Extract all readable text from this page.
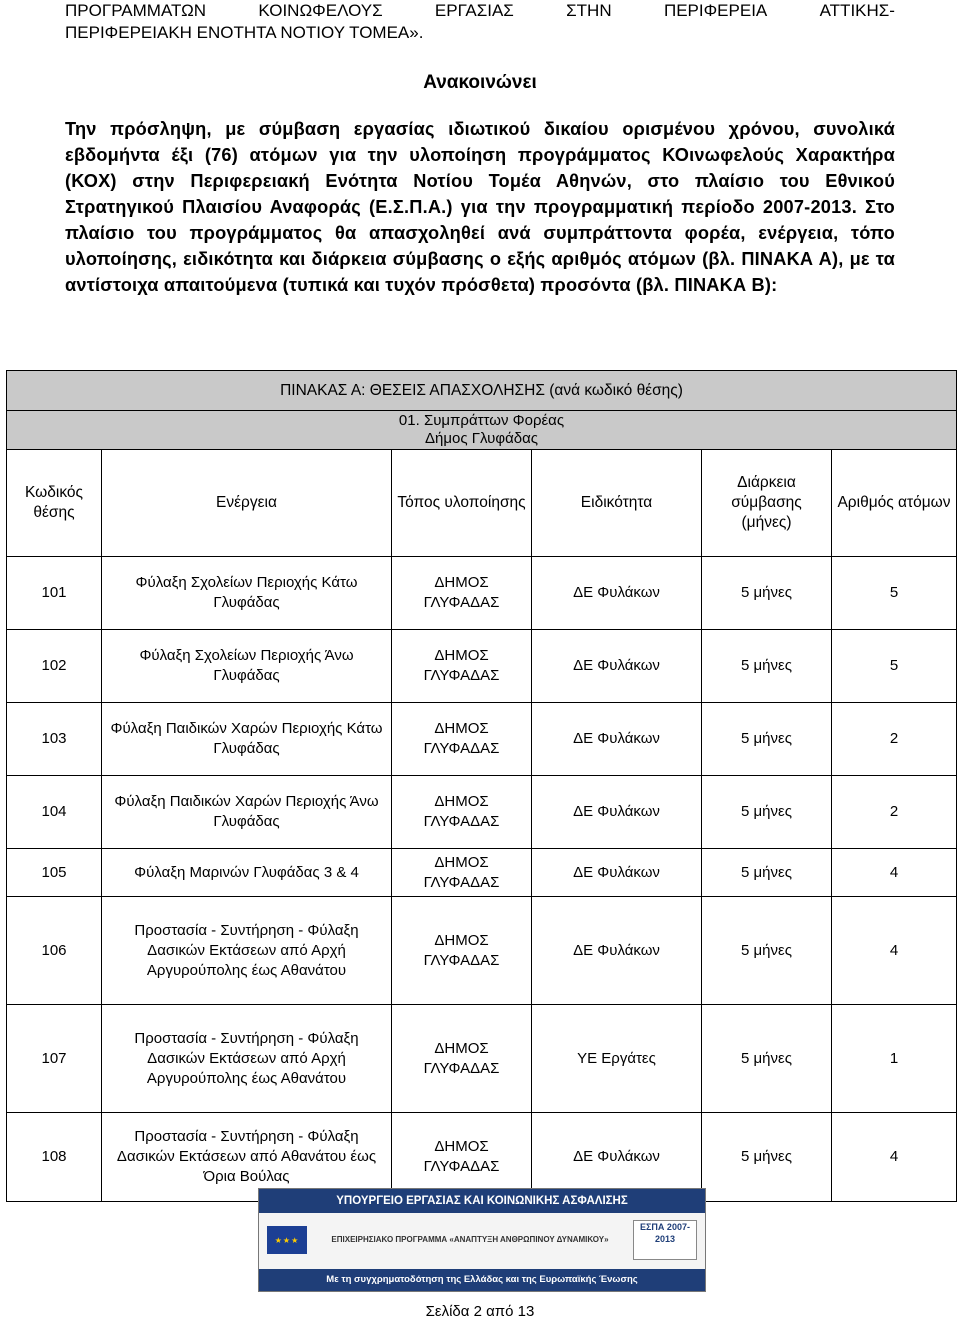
ΠΡΟΓΡΑΜΜΑΤΩΝ	ΚΟΙΝΩΦΕΛΟΥΣ	ΕΡΓΑΣΙΑΣ	ΣΤΗΝ	ΠΕΡΙΦΕΡΕΙΑ	ΑΤΤΙΚΗΣ-
ΠΕΡΙΦΕΡΕΙΑΚΗ ΕΝΟΤΗΤΑ ΝΟΤΙΟΥ ΤΟΜΕΑ».
Ανακοινώνει
Την πρόσληψη, με σύμβαση εργασίας ιδιωτικού δικαίου ορισμένου χρόνου, συνολικά εβδομήντα έξι (76) ατόμων για την υλοποίηση προγράμματος ΚΟινωφελούς Χαρακτήρα (ΚΟΧ) στην Περιφερειακή Ενότητα Νοτίου Τομέα Αθηνών, στο πλαίσιο του Εθνικού Στρατηγικού Πλαισίου Αναφοράς (Ε.Σ.Π.Α.) για την προγραμματική περίοδο 2007-2013. Στο πλαίσιο του προγράμματος θα απασχοληθεί ανά συμπράττοντα φορέα, ενέργεια, τόπο υλοποίησης, ειδικότητα και διάρκεια σύμβασης ο εξής αριθμός ατόμων (βλ. ΠΙΝΑΚΑ Α), με τα αντίστοιχα απαιτούμενα (τυπικά και τυχόν πρόσθετα) προσόντα (βλ. ΠΙΝΑΚΑ Β):
ΠΙΝΑΚΑΣ Α: ΘΕΣΕΙΣ ΑΠΑΣΧΟΛΗΣΗΣ (ανά κωδικό θέσης)					

01. Συμπράττων Φορέας
Δήμος Γλυφάδας					

Κωδικός θέσης	Ενέργεια	Τόπος υλοποίησης	Ειδικότητα	Διάρκεια σύμβασης (μήνες)	Αριθμός ατόμων
101	Φύλαξη Σχολείων Περιοχής Κάτω Γλυφάδας	ΔΗΜΟΣ ΓΛΥΦΑΔΑΣ	ΔΕ Φυλάκων	5 μήνες	5
102	Φύλαξη Σχολείων Περιοχής Άνω Γλυφάδας	ΔΗΜΟΣ ΓΛΥΦΑΔΑΣ	ΔΕ Φυλάκων	5 μήνες	5
103	Φύλαξη Παιδικών Χαρών Περιοχής Κάτω Γλυφάδας	ΔΗΜΟΣ ΓΛΥΦΑΔΑΣ	ΔΕ Φυλάκων	5 μήνες	2
104	Φύλαξη Παιδικών Χαρών Περιοχής Άνω Γλυφάδας	ΔΗΜΟΣ ΓΛΥΦΑΔΑΣ	ΔΕ Φυλάκων	5 μήνες	2
105	Φύλαξη Μαρινών Γλυφάδας 3 & 4	ΔΗΜΟΣ ΓΛΥΦΑΔΑΣ	ΔΕ Φυλάκων	5 μήνες	4
106	Προστασία - Συντήρηση - Φύλαξη Δασικών Εκτάσεων από Αρχή Αργυρούπολης έως Αθανάτου	ΔΗΜΟΣ ΓΛΥΦΑΔΑΣ	ΔΕ Φυλάκων	5 μήνες	4
107	Προστασία - Συντήρηση - Φύλαξη Δασικών Εκτάσεων από Αρχή Αργυρούπολης έως Αθανάτου	ΔΗΜΟΣ ΓΛΥΦΑΔΑΣ	ΥΕ Εργάτες	5 μήνες	1
108	Προστασία - Συντήρηση - Φύλαξη Δασικών Εκτάσεων από Αθανάτου έως Όρια Βούλας	ΔΗΜΟΣ ΓΛΥΦΑΔΑΣ	ΔΕ Φυλάκων	5 μήνες	4
ΥΠΟΥΡΓΕΙΟ ΕΡΓΑΣΙΑΣ ΚΑΙ ΚΟΙΝΩΝΙΚΗΣ ΑΣΦΑΛΙΣΗΣ
★★★	ΕΠΙΧΕΙΡΗΣΙΑΚΟ ΠΡΟΓΡΑΜΜΑ «ΑΝΑΠΤΥΞΗ ΑΝΘΡΩΠΙΝΟΥ ΔΥΝΑΜΙΚΟΥ»
ΕΣΠΑ 2007-2013
Με τη συγχρηματοδότηση της Ελλάδας και της Ευρωπαϊκής Ένωσης
Σελίδα 2 από 13
